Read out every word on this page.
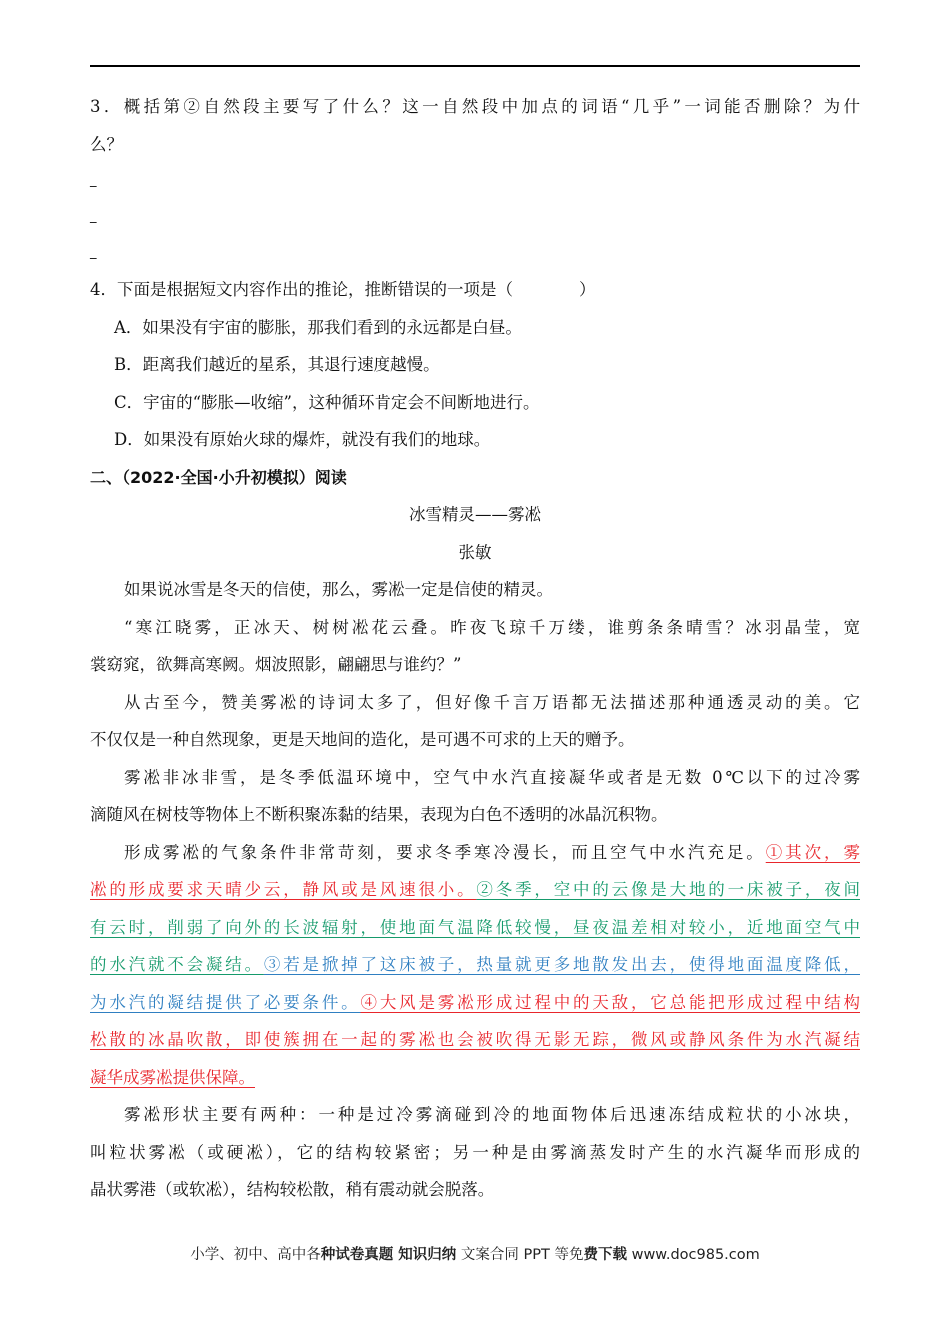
3．概括第②自然段主要写了什么？这一自然段中加点的词语“几乎”一词能否删除？为什
么？
_
_
_
4．下面是根据短文内容作出的推论，推断错误的一项是（　　　　）
A．如果没有宇宙的膨胀，那我们看到的永远都是白昼。
B．距离我们越近的星系，其退行速度越慢。
C．宇宙的“膨胀—收缩”，这种循环肯定会不间断地进行。
D．如果没有原始火球的爆炸，就没有我们的地球。
二、（2022·全国·小升初模拟）阅读
冰雪精灵——雾凇
张敏
如果说冰雪是冬天的信使，那么，雾凇一定是信使的精灵。
“寒江晓雾，正冰天、树树凇花云叠。昨夜飞琼千万缕，谁剪条条晴雪？冰羽晶莹，宽
裳窈窕，欲舞高寒阙。烟波照影，翩翩思与谁约？”
从古至今，赞美雾凇的诗词太多了，但好像千言万语都无法描述那种通透灵动的美。它
不仅仅是一种自然现象，更是天地间的造化，是可遇不可求的上天的赠予。
雾凇非冰非雪，是冬季低温环境中，空气中水汽直接凝华或者是无数 0℃以下的过冷雾
滴随风在树枝等物体上不断积聚冻黏的结果，表现为白色不透明的冰晶沉积物。
形成雾凇的气象条件非常苛刻，要求冬季寒冷漫长，而且空气中水汽充足。①其次，雾
凇的形成要求天晴少云，静风或是风速很小。②冬季，空中的云像是大地的一床被子，夜间
有云时，削弱了向外的长波辐射，使地面气温降低较慢，昼夜温差相对较小，近地面空气中
的水汽就不会凝结。③若是掀掉了这床被子，热量就更多地散发出去，使得地面温度降低，
为水汽的凝结提供了必要条件。④大风是雾凇形成过程中的天敌，它总能把形成过程中结构
松散的冰晶吹散，即使簇拥在一起的雾凇也会被吹得无影无踪，微风或静风条件为水汽凝结
凝华成雾凇提供保障。
雾凇形状主要有两种：一种是过冷雾滴碰到冷的地面物体后迅速冻结成粒状的小冰块，
叫粒状雾凇（或硬凇），它的结构较紧密；另一种是由雾滴蒸发时产生的水汽凝华而形成的
晶状雾港（或软凇），结构较松散，稍有震动就会脱落。
小学、初中、高中各种试卷真题 知识归纳 文案合同 PPT 等免费下载 www.doc985.com
